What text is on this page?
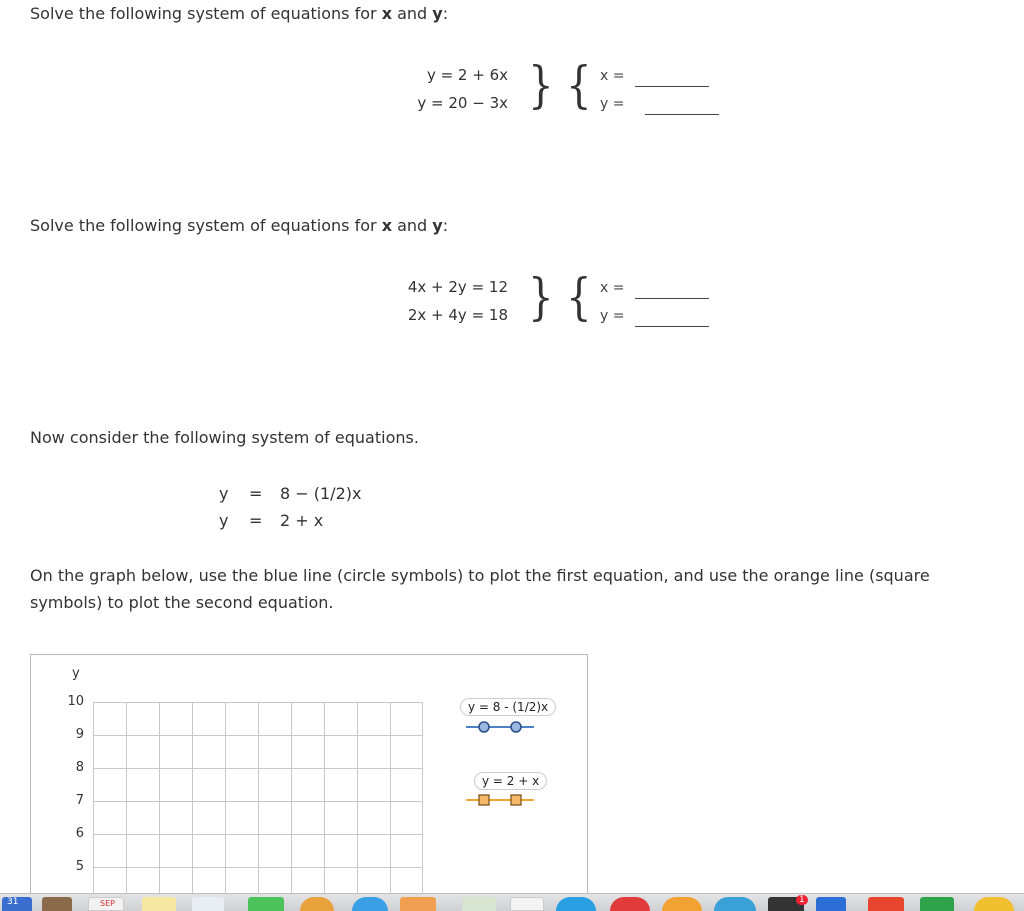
Solve the following system of equations for x and y:
y = 2 + 6x
y = 20 − 3x } { x =
y =
Solve the following system of equations for x and y:
4x + 2y = 12
2x + 4y = 18 } { x =
y =
Now consider the following system of equations.
y = 8 − (1/2)x
y = 2 + x
On the graph below, use the blue line (circle symbols) to plot the first equation, and use the orange line (square symbols) to plot the second equation.
y
10
9
8
7
6
5
y = 8 - (1/2)x
y = 2 + x
31	SEP	1
